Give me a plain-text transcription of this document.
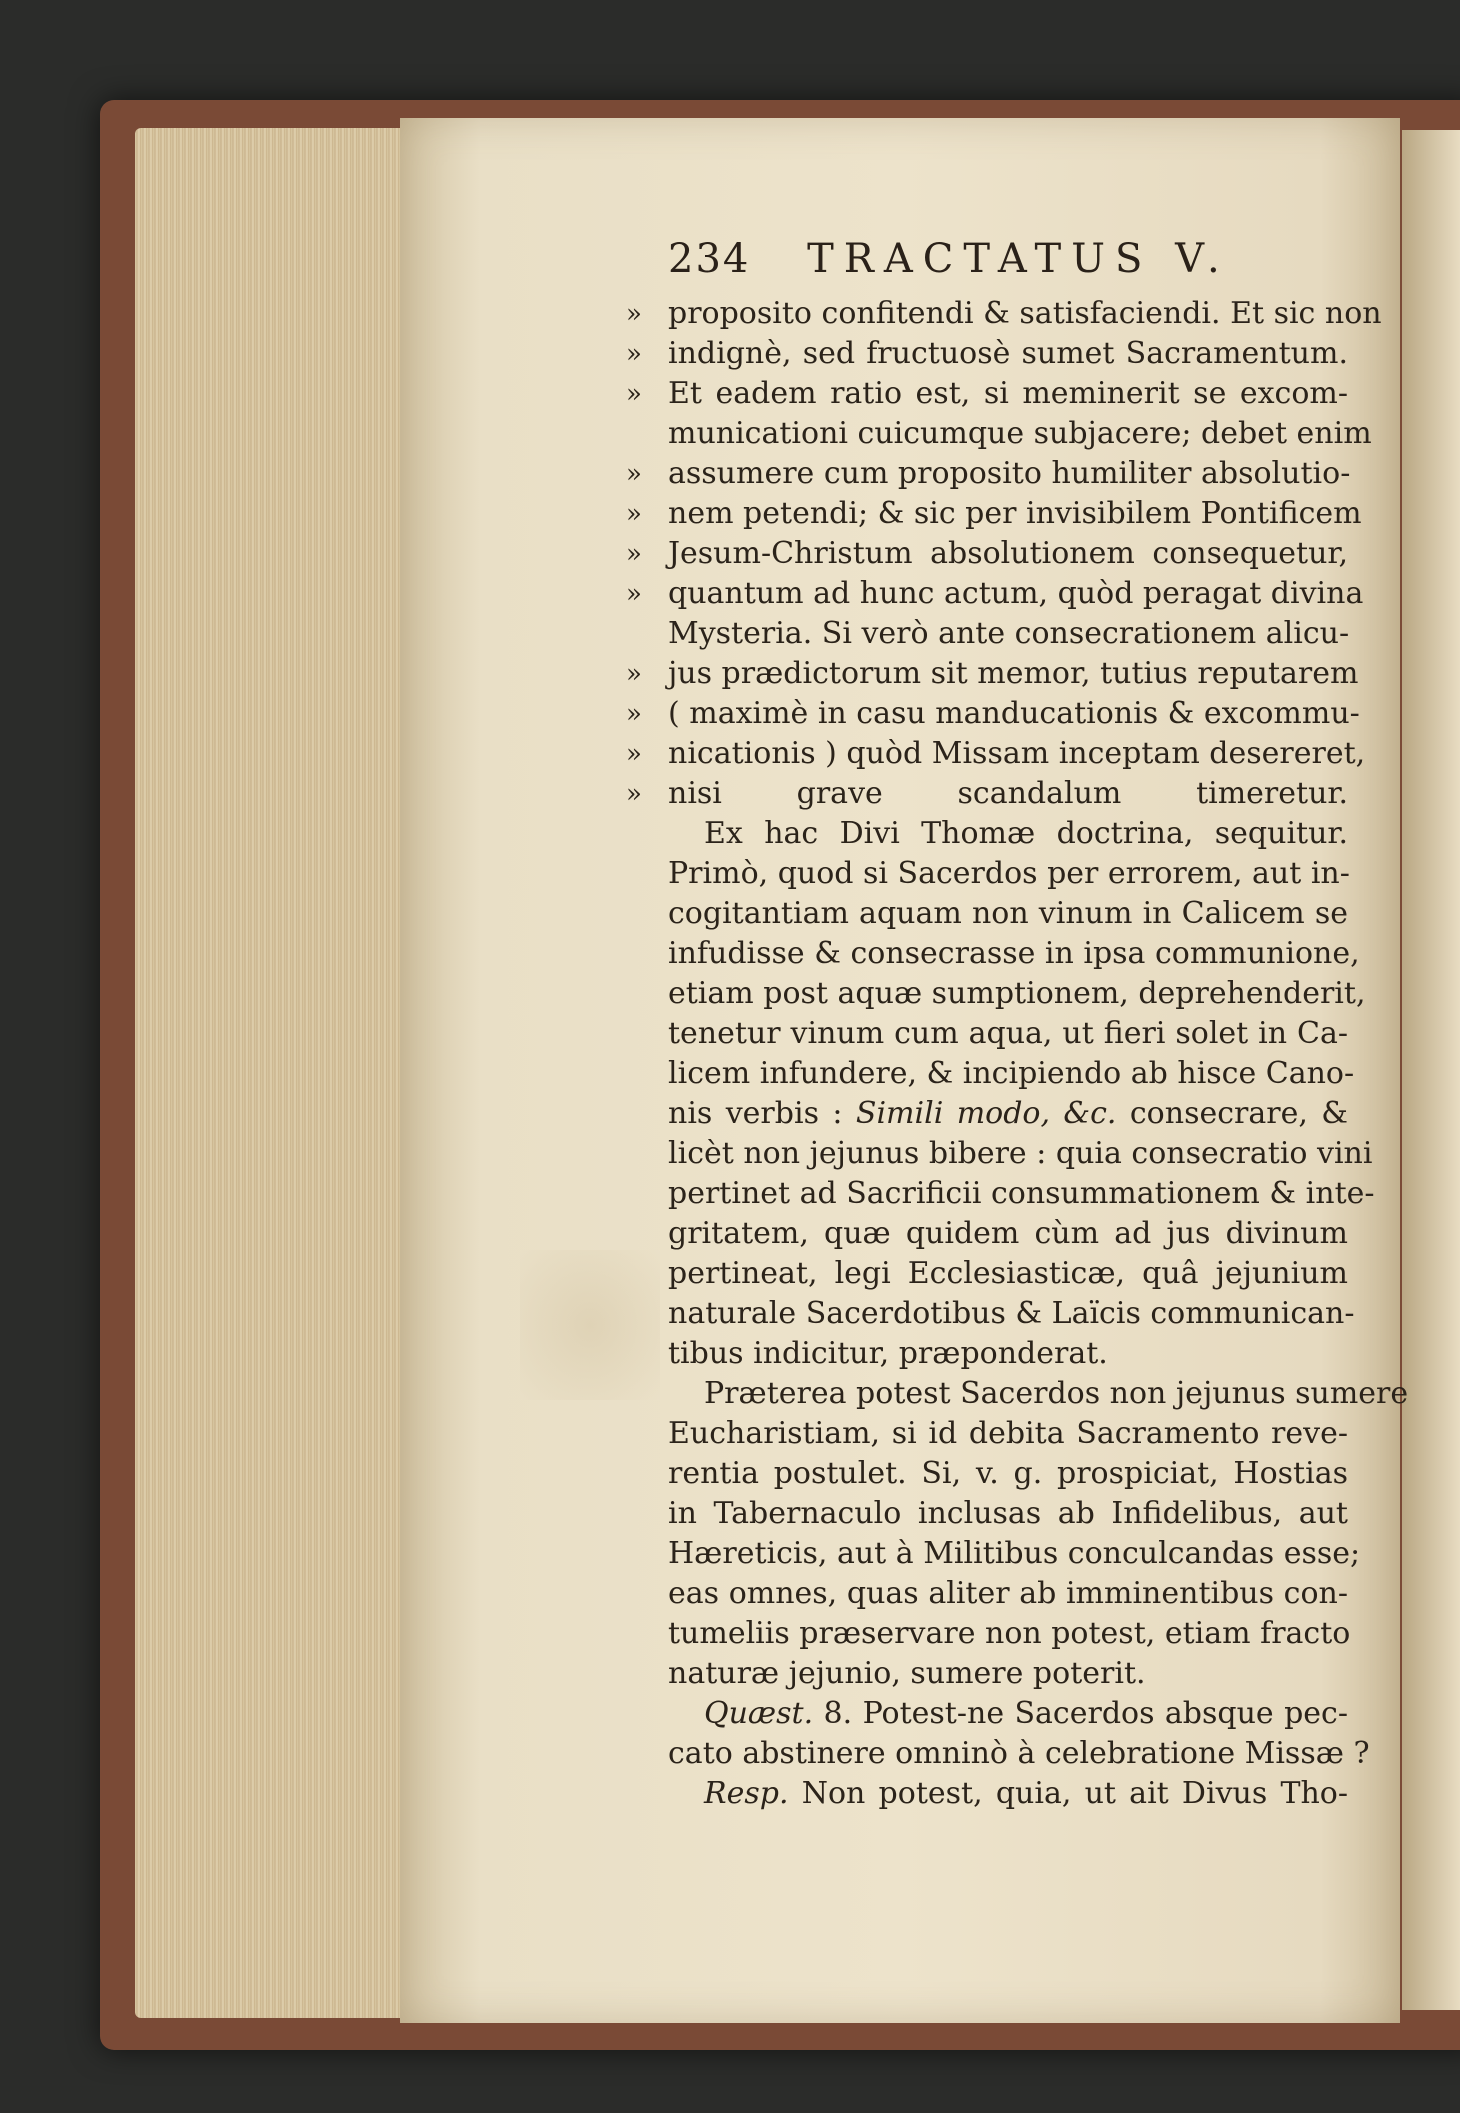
234 TRACTATUS V.
» proposito confitendi & satisfaciendi. Et sic non
» indignè, sed fructuosè sumet Sacramentum.
» Et eadem ratio est, si meminerit se excom-
municationi cuicumque subjacere; debet enim
» assumere cum proposito humiliter absolutio-
» nem petendi; & sic per invisibilem Pontificem
» Jesum-Christum absolutionem consequetur,
» quantum ad hunc actum, quòd peragat divina
Mysteria. Si verò ante consecrationem alicu-
» jus prædictorum sit memor, tutius reputarem
» ( maximè in casu manducationis & excommu-
» nicationis ) quòd Missam inceptam desereret,
» nisi grave scandalum timeretur.
Ex hac Divi Thomæ doctrina, sequitur.
Primò, quod si Sacerdos per errorem, aut in-
cogitantiam aquam non vinum in Calicem se
infudisse & consecrasse in ipsa communione,
etiam post aquæ sumptionem, deprehenderit,
tenetur vinum cum aqua, ut fieri solet in Ca-
licem infundere, & incipiendo ab hisce Cano-
nis verbis : Simili modo, &c. consecrare, &
licèt non jejunus bibere : quia consecratio vini
pertinet ad Sacrificii consummationem & inte-
gritatem, quæ quidem cùm ad jus divinum
pertineat, legi Ecclesiasticæ, quâ jejunium
naturale Sacerdotibus & Laïcis communican-
tibus indicitur, præponderat.
Præterea potest Sacerdos non jejunus sumere
Eucharistiam, si id debita Sacramento reve-
rentia postulet. Si, v. g. prospiciat, Hostias
in Tabernaculo inclusas ab Infidelibus, aut
Hæreticis, aut à Militibus conculcandas esse;
eas omnes, quas aliter ab imminentibus con-
tumeliis præservare non potest, etiam fracto
naturæ jejunio, sumere poterit.
Quæst. 8. Potest-ne Sacerdos absque pec-
cato abstinere omninò à celebratione Missæ ?
Resp. Non potest, quia, ut ait Divus Tho-
